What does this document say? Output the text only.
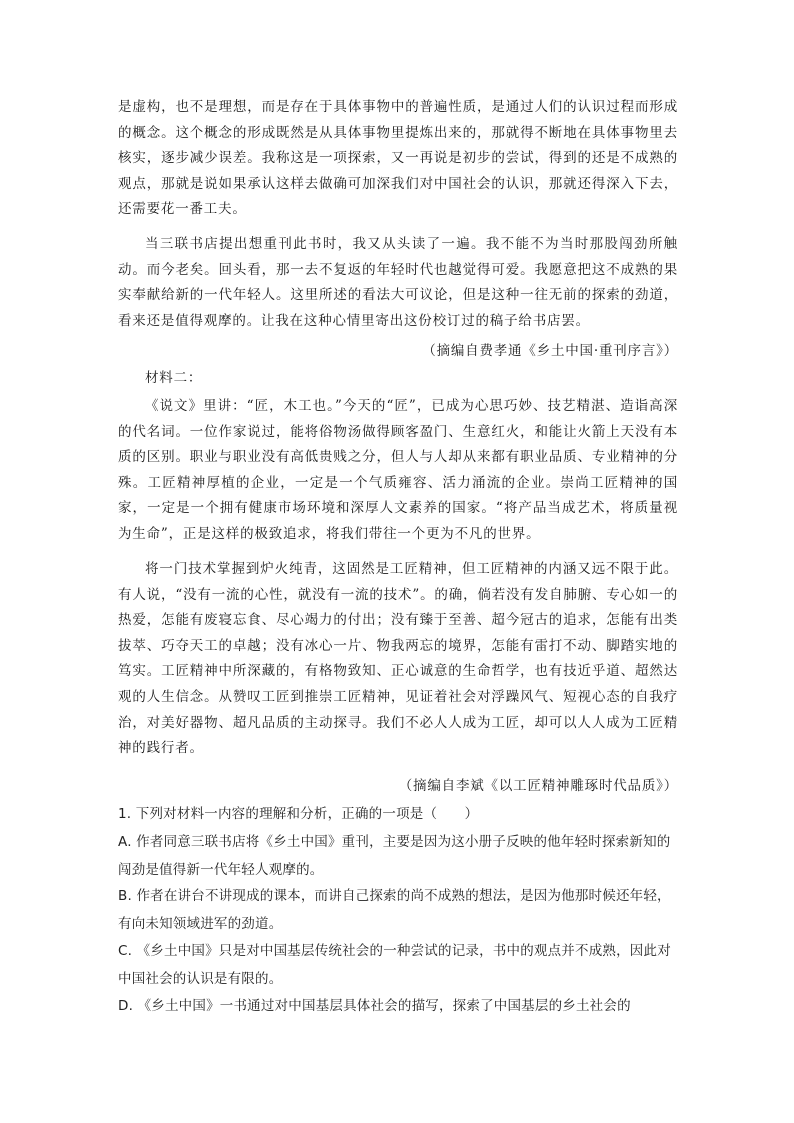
是虚构，也不是理想，而是存在于具体事物中的普遍性质，是通过人们的认识过程而形成的概念。这个概念的形成既然是从具体事物里提炼出来的，那就得不断地在具体事物里去核实，逐步减少误差。我称这是一项探索，又一再说是初步的尝试，得到的还是不成熟的观点，那就是说如果承认这样去做确可加深我们对中国社会的认识，那就还得深入下去，还需要花一番工夫。
当三联书店提出想重刊此书时，我又从头读了一遍。我不能不为当时那股闯劲所触动。而今老矣。回头看，那一去不复返的年轻时代也越觉得可爱。我愿意把这不成熟的果实奉献给新的一代年轻人。这里所述的看法大可议论，但是这种一往无前的探索的劲道，看来还是值得观摩的。让我在这种心情里寄出这份校订过的稿子给书店罢。
（摘编自费孝通《乡土中国·重刊序言》）
材料二：
《说文》里讲：“匠，木工也。”今天的“匠”，已成为心思巧妙、技艺精湛、造诣高深的代名词。一位作家说过，能将俗物汤做得顾客盈门、生意红火，和能让火箭上天没有本质的区别。职业与职业没有高低贵贱之分，但人与人却从来都有职业品质、专业精神的分殊。工匠精神厚植的企业，一定是一个气质雍容、活力涌流的企业。崇尚工匠精神的国家，一定是一个拥有健康市场环境和深厚人文素养的国家。“将产品当成艺术，将质量视为生命”，正是这样的极致追求，将我们带往一个更为不凡的世界。
将一门技术掌握到炉火纯青，这固然是工匠精神，但工匠精神的内涵又远不限于此。有人说，“没有一流的心性，就没有一流的技术”。的确，倘若没有发自肺腑、专心如一的热爱，怎能有废寝忘食、尽心竭力的付出；没有臻于至善、超今冠古的追求，怎能有出类拔萃、巧夺天工的卓越；没有冰心一片、物我两忘的境界，怎能有雷打不动、脚踏实地的笃实。工匠精神中所深藏的，有格物致知、正心诚意的生命哲学，也有技近乎道、超然达观的人生信念。从赞叹工匠到推崇工匠精神，见证着社会对浮躁风气、短视心态的自我疗治，对美好器物、超凡品质的主动探寻。我们不必人人成为工匠，却可以人人成为工匠精神的践行者。
（摘编自李斌《以工匠精神雕琢时代品质》）
1. 下列对材料一内容的理解和分析，正确的一项是（　　）
A. 作者同意三联书店将《乡土中国》重刊，主要是因为这小册子反映的他年轻时探索新知的闯劲是值得新一代年轻人观摩的。
B. 作者在讲台不讲现成的课本，而讲自己探索的尚不成熟的想法，是因为他那时候还年轻，有向未知领域进军的劲道。
C. 《乡土中国》只是对中国基层传统社会的一种尝试的记录，书中的观点并不成熟，因此对中国社会的认识是有限的。
D. 《乡土中国》一书通过对中国基层具体社会的描写，探索了中国基层的乡土社会的
